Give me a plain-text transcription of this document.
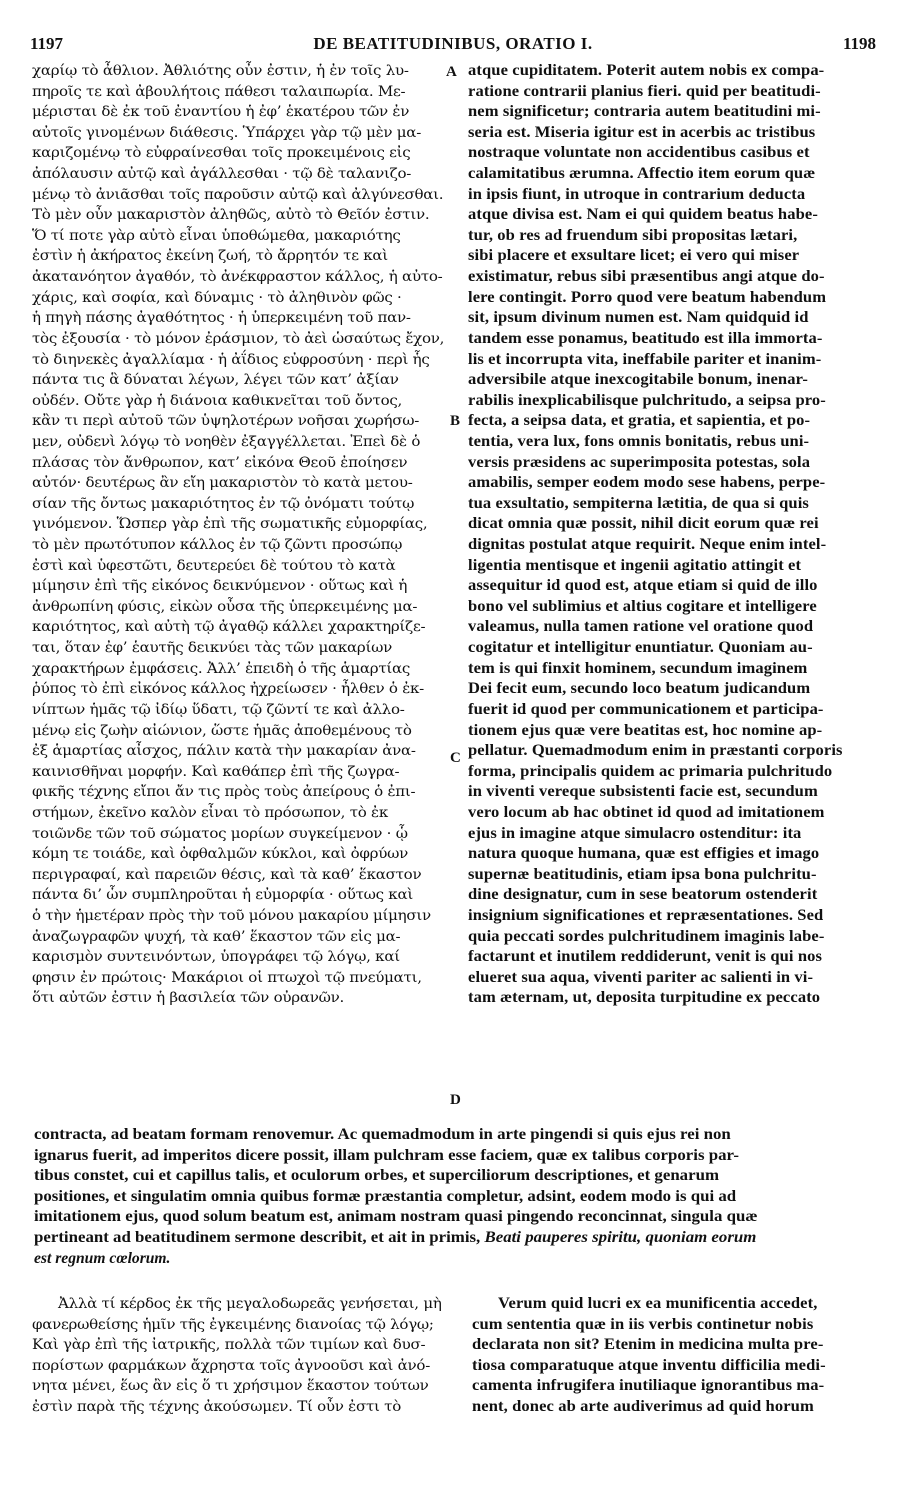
1197	DE BEATITUDINIBUS, ORATIO I.	1198
χαρίῳ τὸ ἆθλιον. Ἀθλιότης οὖν ἐστιν, ἡ ἐν τοῖς λυ-
πηροῖς τε καὶ ἀβουλήτοις πάθεσι ταλαιπωρία. Με-
μέρισται δὲ ἐκ τοῦ ἐναντίου ἡ ἐφ’ ἑκατέρου τῶν ἐν
αὐτοῖς γινομένων διάθεσις. Ὑπάρχει γὰρ τῷ μὲν μα-
καριζομένῳ τὸ εὐφραίνεσθαι τοῖς προκειμένοις εἰς
ἀπόλαυσιν αὐτῷ καὶ ἀγάλλεσθαι · τῷ δὲ ταλανιζο-
μένῳ τὸ ἀνιᾶσθαι τοῖς παροῦσιν αὐτῷ καὶ ἀλγύνεσθαι.
Τὸ μὲν οὖν μακαριστὸν ἀληθῶς, αὐτὸ τὸ Θεῖόν ἐστιν.
Ὅ τί ποτε γὰρ αὐτὸ εἶναι ὑποθώμεθα, μακαριότης
ἐστὶν ἡ ἀκήρατος ἐκείνη ζωή, τὸ ἄρρητόν τε καὶ
ἀκατανόητον ἀγαθόν, τὸ ἀνέκφραστον κάλλος, ἡ αὐτο-
χάρις, καὶ σοφία, καὶ δύναμις · τὸ ἀληθινὸν φῶς ·
ἡ πηγὴ πάσης ἀγαθότητος · ἡ ὑπερκειμένη τοῦ παν-
τὸς ἐξουσία · τὸ μόνον ἐράσμιον, τὸ ἀεὶ ὡσαύτως ἔχον,
τὸ διηνεκὲς ἀγαλλίαμα · ἡ ἀΐδιος εὐφροσύνη · περὶ ἧς
πάντα τις ἃ δύναται λέγων, λέγει τῶν κατ’ ἀξίαν
οὐδέν. Οὔτε γὰρ ἡ διάνοια καθικνεῖται τοῦ ὄντος,
κἂν τι περὶ αὐτοῦ τῶν ὑψηλοτέρων νοῆσαι χωρήσω-
μεν, οὐδενὶ λόγῳ τὸ νοηθὲν ἐξαγγέλλεται. Ἐπεὶ δὲ ὁ
πλάσας τὸν ἄνθρωπον, κατ’ εἰκόνα Θεοῦ ἐποίησεν
αὐτόν· δευτέρως ἂν εἴη μακαριστὸν τὸ κατὰ μετου-
σίαν τῆς ὄντως μακαριότητος ἐν τῷ ὀνόματι τούτῳ
γινόμενον. Ὥσπερ γὰρ ἐπὶ τῆς σωματικῆς εὐμορφίας,
τὸ μὲν πρωτότυπον κάλλος ἐν τῷ ζῶντι προσώπῳ
ἐστὶ καὶ ὑφεστῶτι, δευτερεύει δὲ τούτου τὸ κατὰ
μίμησιν ἐπὶ τῆς εἰκόνος δεικνύμενον · οὕτως καὶ ἡ
ἀνθρωπίνη φύσις, εἰκὼν οὖσα τῆς ὑπερκειμένης μα-
καριότητος, καὶ αὐτὴ τῷ ἀγαθῷ κάλλει χαρακτηρίζε-
ται, ὅταν ἐφ’ ἑαυτῆς δεικνύει τὰς τῶν μακαρίων
χαρακτήρων ἐμφάσεις. Ἀλλ’ ἐπειδὴ ὁ τῆς ἁμαρτίας
ῥύπος τὸ ἐπὶ εἰκόνος κάλλος ἠχρείωσεν · ἦλθεν ὁ ἐκ-
νίπτων ἡμᾶς τῷ ἰδίῳ ὕδατι, τῷ ζῶντί τε καὶ ἀλλο-
μένῳ εἰς ζωὴν αἰώνιον, ὥστε ἡμᾶς ἀποθεμένους τὸ
ἐξ ἁμαρτίας αἶσχος, πάλιν κατὰ τὴν μακαρίαν ἀνα-
καινισθῆναι μορφήν. Καὶ καθάπερ ἐπὶ τῆς ζωγρα-
φικῆς τέχνης εἴποι ἄν τις πρὸς τοὺς ἀπείρους ὁ ἐπι-
στήμων, ἐκεῖνο καλὸν εἶναι τὸ πρόσωπον, τὸ ἐκ
τοιῶνδε τῶν τοῦ σώματος μορίων συγκείμενον · ᾧ
κόμη τε τοιάδε, καὶ ὀφθαλμῶν κύκλοι, καὶ ὀφρύων
περιγραφαί, καὶ παρειῶν θέσις, καὶ τὰ καθ’ ἕκαστον
πάντα δι’ ὧν συμπληροῦται ἡ εὐμορφία · οὕτως καὶ
ὁ τὴν ἡμετέραν πρὸς τὴν τοῦ μόνου μακαρίου μίμησιν
ἀναζωγραφῶν ψυχή, τὰ καθ’ ἕκαστον τῶν εἰς μα-
καρισμὸν συντεινόντων, ὑπογράφει τῷ λόγῳ, καί
φησιν ἐν πρώτοις· Μακάριοι οἱ πτωχοὶ τῷ πνεύματι,
ὅτι αὐτῶν ἐστιν ἡ βασιλεία τῶν οὐρανῶν.
atque cupiditatem. Poterit autem nobis ex compa-
ratione contrarii planius fieri. quid per beatitudi-
nem significetur; contraria autem beatitudini mi-
seria est. Miseria igitur est in acerbis ac tristibus
nostraque voluntate non accidentibus casibus et
calamitatibus ærumna. Affectio item eorum quæ
in ipsis fiunt, in utroque in contrarium deducta
atque divisa est. Nam ei qui quidem beatus habe-
tur, ob res ad fruendum sibi propositas lætari,
sibi placere et exsultare licet; ei vero qui miser
existimatur, rebus sibi præsentibus angi atque do-
lere contingit. Porro quod vere beatum habendum
sit, ipsum divinum numen est. Nam quidquid id
tandem esse ponamus, beatitudo est illa immorta-
lis et incorrupta vita, ineffabile pariter et inanim-
adversibile atque inexcogitabile bonum, inenar-
rabilis inexplicabilisque pulchritudo, a seipsa pro-
fecta, a seipsa data, et gratia, et sapientia, et po-
tentia, vera lux, fons omnis bonitatis, rebus uni-
versis præsidens ac superimposita potestas, sola
amabilis, semper eodem modo sese habens, perpe-
tua exsultatio, sempiterna lætitia, de qua si quis
dicat omnia quæ possit, nihil dicit eorum quæ rei
dignitas postulat atque requirit. Neque enim intel-
ligentia mentisque et ingenii agitatio attingit et
assequitur id quod est, atque etiam si quid de illo
bono vel sublimius et altius cogitare et intelligere
valeamus, nulla tamen ratione vel oratione quod
cogitatur et intelligitur enuntiatur. Quoniam au-
tem is qui finxit hominem, secundum imaginem
Dei fecit eum, secundo loco beatum judicandum
fuerit id quod per communicationem et participa-
tionem ejus quæ vere beatitas est, hoc nomine ap-
pellatur. Quemadmodum enim in præstanti corporis
forma, principalis quidem ac primaria pulchritudo
in viventi vereque subsistenti facie est, secundum
vero locum ab hac obtinet id quod ad imitationem
ejus in imagine atque simulacro ostenditur: ita
natura quoque humana, quæ est effigies et imago
supernæ beatitudinis, etiam ipsa bona pulchritu-
dine designatur, cum in sese beatorum ostenderit
insignium significationes et repræsentationes. Sed
quia peccati sordes pulchritudinem imaginis labe-
factarunt et inutilem reddiderunt, venit is qui nos
elueret sua aqua, viventi pariter ac salienti in vi-
tam æternam, ut, deposita turpitudine ex peccato
A
B
C
D
contracta, ad beatam formam renovemur. Ac quemadmodum in arte pingendi si quis ejus rei non
ignarus fuerit, ad imperitos dicere possit, illam pulchram esse faciem, quæ ex talibus corporis par-
tibus constet, cui et capillus talis, et oculorum orbes, et superciliorum descriptiones, et genarum
positiones, et singulatim omnia quibus formæ præstantia completur, adsint, eodem modo is qui ad
imitationem ejus, quod solum beatum est, animam nostram quasi pingendo reconcinnat, singula quæ
pertineant ad beatitudinem sermone describit, et ait in primis, Beati pauperes spiritu, quoniam eorum
est regnum cœlorum.
Ἀλλὰ τί κέρδος ἐκ τῆς μεγαλοδωρεᾶς γενήσεται, μὴ
φανερωθείσης ἡμῖν τῆς ἐγκειμένης διανοίας τῷ λόγῳ;
Καὶ γὰρ ἐπὶ τῆς ἰατρικῆς, πολλὰ τῶν τιμίων καὶ δυσ-
πορίστων φαρμάκων ἄχρηστα τοῖς ἀγνοοῦσι καὶ ἀνό-
νητα μένει, ἕως ἂν εἰς ὅ τι χρήσιμον ἕκαστον τούτων
ἐστὶν παρὰ τῆς τέχνης ἀκούσωμεν. Τί οὖν ἐστι τὸ
Verum quid lucri ex ea munificentia accedet,
cum sententia quæ in iis verbis continetur nobis
declarata non sit? Etenim in medicina multa pre-
tiosa comparatuque atque inventu difficilia medi-
camenta infrugifera inutiliaque ignorantibus ma-
nent, donec ab arte audiverimus ad quid horum
